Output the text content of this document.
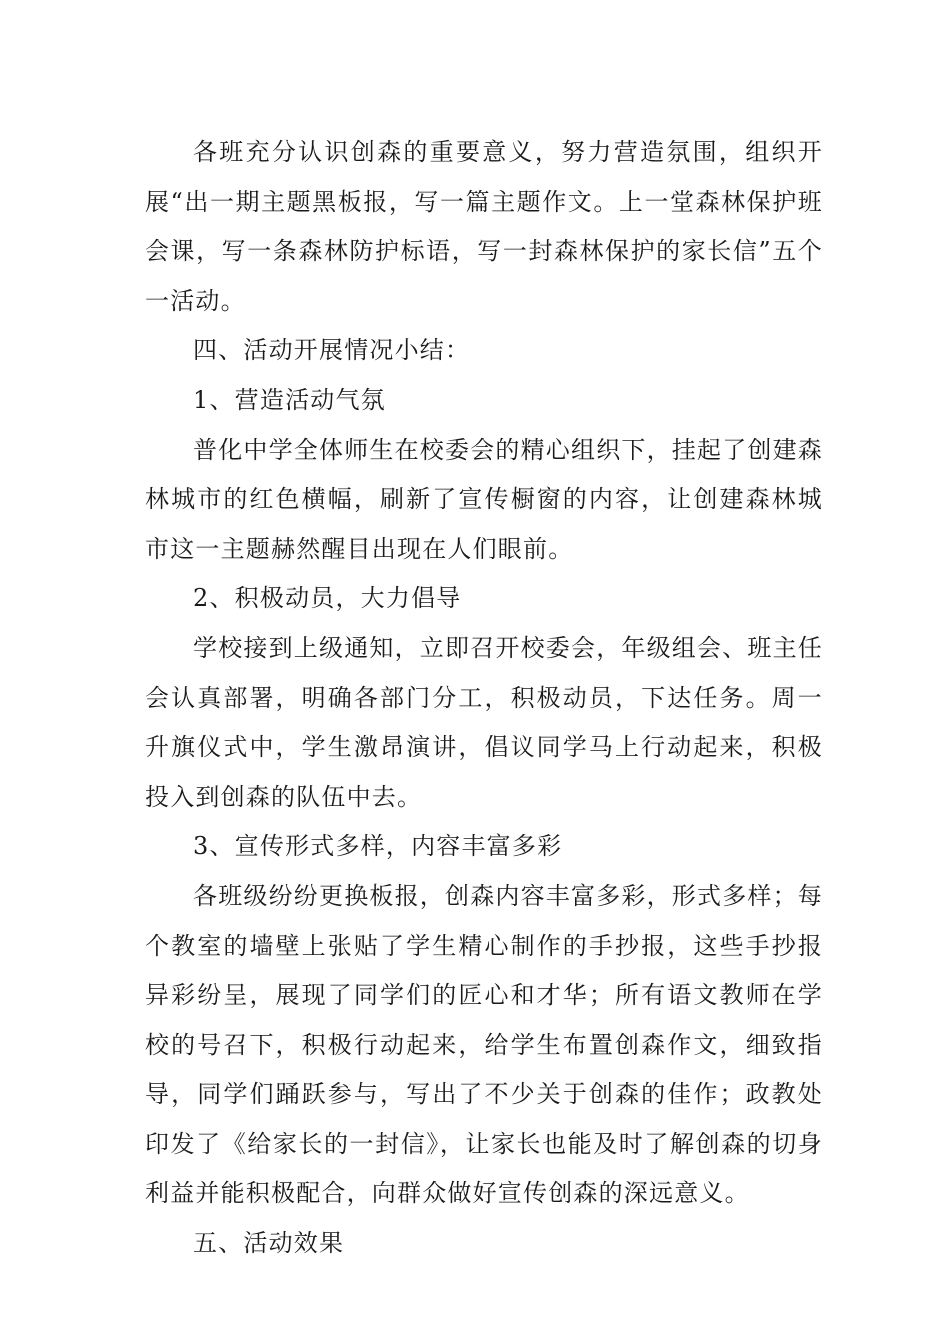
各班充分认识创森的重要意义，努力营造氛围，组织开展“出一期主题黑板报，写一篇主题作文。上一堂森林保护班会课，写一条森林防护标语，写一封森林保护的家长信”五个一活动。

四、活动开展情况小结：

1、营造活动气氛

普化中学全体师生在校委会的精心组织下，挂起了创建森林城市的红色横幅，刷新了宣传橱窗的内容，让创建森林城市这一主题赫然醒目出现在人们眼前。

2、积极动员，大力倡导

学校接到上级通知，立即召开校委会，年级组会、班主任会认真部署，明确各部门分工，积极动员，下达任务。周一升旗仪式中，学生激昂演讲，倡议同学马上行动起来，积极投入到创森的队伍中去。

3、宣传形式多样，内容丰富多彩

各班级纷纷更换板报，创森内容丰富多彩，形式多样；每个教室的墙壁上张贴了学生精心制作的手抄报，这些手抄报异彩纷呈，展现了同学们的匠心和才华；所有语文教师在学校的号召下，积极行动起来，给学生布置创森作文，细致指导，同学们踊跃参与，写出了不少关于创森的佳作；政教处印发了《给家长的一封信》，让家长也能及时了解创森的切身利益并能积极配合，向群众做好宣传创森的深远意义。

五、活动效果
